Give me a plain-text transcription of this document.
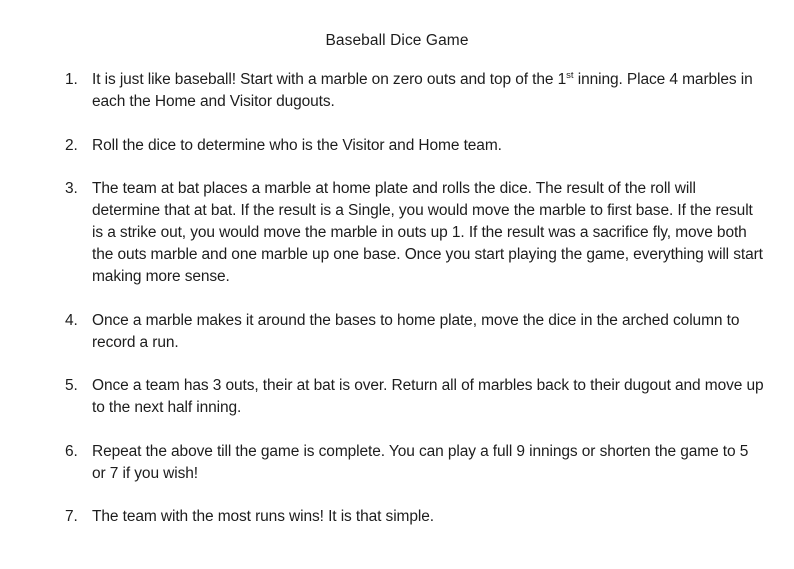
Baseball Dice Game
1. It is just like baseball! Start with a marble on zero outs and top of the 1st inning. Place 4 marbles in each the Home and Visitor dugouts.

2. Roll the dice to determine who is the Visitor and Home team.

3. The team at bat places a marble at home plate and rolls the dice. The result of the roll will determine that at bat. If the result is a Single, you would move the marble to first base. If the result is a strike out, you would move the marble in outs up 1. If the result was a sacrifice fly, move both the outs marble and one marble up one base. Once you start playing the game, everything will start making more sense.

4. Once a marble makes it around the bases to home plate, move the dice in the arched column to record a run.

5. Once a team has 3 outs, their at bat is over. Return all of marbles back to their dugout and move up to the next half inning.

6. Repeat the above till the game is complete. You can play a full 9 innings or shorten the game to 5 or 7 if you wish!

7. The team with the most runs wins! It is that simple.
